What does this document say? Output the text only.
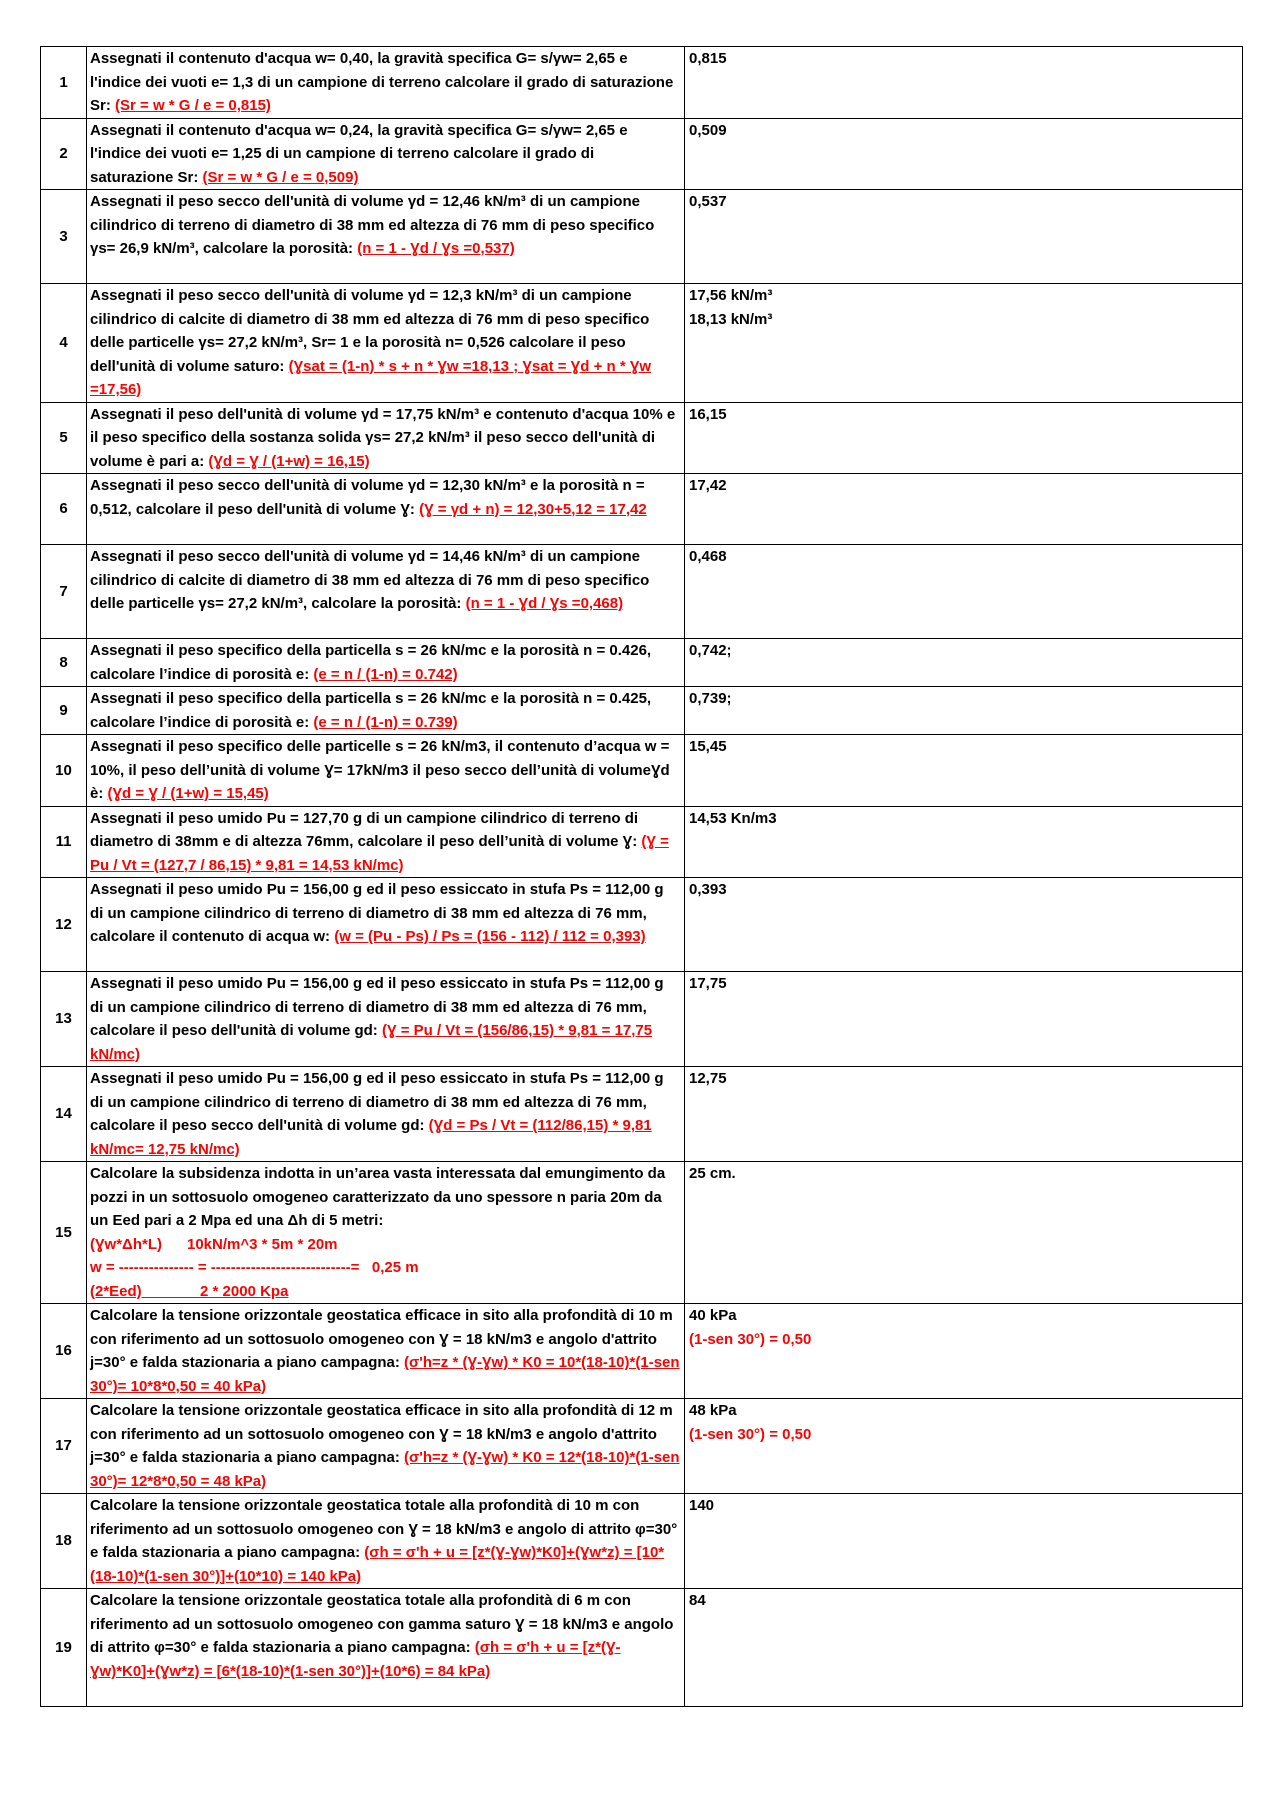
1	Assegnati il contenuto d'acqua w= 0,40, la gravità specifica G= s/γw= 2,65 e l'indice dei vuoti e= 1,3 di un campione di terreno calcolare il grado di saturazione Sr: (Sr = w * G / e = 0,815)	0,815

2	Assegnati il contenuto d'acqua w= 0,24, la gravità specifica G= s/γw= 2,65 e l'indice dei vuoti e= 1,25 di un campione di terreno calcolare il grado di saturazione Sr: (Sr = w * G / e = 0,509)	0,509

3	Assegnati il peso secco dell'unità di volume γd = 12,46 kN/m³ di un campione cilindrico di terreno di diametro di 38 mm ed altezza di 76 mm di peso specifico γs= 26,9 kN/m³, calcolare la porosità: (n = 1 - Ɣd / Ɣs =0,537)	0,537

4	Assegnati il peso secco dell'unità di volume γd = 12,3 kN/m³ di un campione cilindrico di calcite di diametro di 38 mm ed altezza di 76 mm di peso specifico delle particelle γs= 27,2 kN/m³, Sr= 1 e la porosità n= 0,526 calcolare il peso dell'unità di volume saturo: (Ɣsat = (1-n) * s + n * Ɣw =18,13 ; Ɣsat = Ɣd + n * Ɣw =17,56)	17,56 kN/m³
18,13 kN/m³

5	Assegnati il peso dell'unità di volume γd = 17,75 kN/m³ e contenuto d'acqua 10% e il peso specifico della sostanza solida γs= 27,2 kN/m³ il peso secco dell'unità di volume è pari a: (Ɣd = Ɣ / (1+w) = 16,15)	16,15

6	Assegnati il peso secco dell'unità di volume γd = 12,30 kN/m³ e la porosità n = 0,512, calcolare il peso dell'unità di volume Ɣ: (Ɣ = γd + n) = 12,30+5,12 = 17,42	17,42

7	Assegnati il peso secco dell'unità di volume γd = 14,46 kN/m³ di un campione cilindrico di calcite di diametro di 38 mm ed altezza di 76 mm di peso specifico delle particelle γs= 27,2 kN/m³, calcolare la porosità: (n = 1 - Ɣd / Ɣs =0,468)	0,468

8	Assegnati il peso specifico della particella s = 26 kN/mc e la porosità n = 0.426, calcolare l’indice di porosità e: (e = n / (1-n) = 0.742)	0,742;

9	Assegnati il peso specifico della particella s = 26 kN/mc e la porosità n = 0.425, calcolare l’indice di porosità e: (e = n / (1-n) = 0.739)	0,739;

10	Assegnati il peso specifico delle particelle s = 26 kN/m3, il contenuto d’acqua w = 10%, il peso dell’unità di volume Ɣ= 17kN/m3 il peso secco dell’unità di volumeƔd è: (Ɣd = Ɣ / (1+w) = 15,45)	15,45

11	Assegnati il peso umido Pu = 127,70 g di un campione cilindrico di terreno di diametro di 38mm e di altezza 76mm, calcolare il peso dell’unità di volume Ɣ: (Ɣ = Pu / Vt = (127,7 / 86,15) * 9,81 = 14,53 kN/mc)	14,53 Kn/m3

12	Assegnati il peso umido Pu = 156,00 g ed il peso essiccato in stufa Ps = 112,00 g di un campione cilindrico di terreno di diametro di 38 mm ed altezza di 76 mm, calcolare il contenuto di acqua w: (w = (Pu - Ps) / Ps = (156 - 112) / 112 = 0,393)	0,393

13	Assegnati il peso umido Pu = 156,00 g ed il peso essiccato in stufa Ps = 112,00 g di un campione cilindrico di terreno di diametro di 38 mm ed altezza di 76 mm, calcolare il peso dell'unità di volume gd: (Ɣ = Pu / Vt = (156/86,15) * 9,81 = 17,75 kN/mc)	17,75

14	Assegnati il peso umido Pu = 156,00 g ed il peso essiccato in stufa Ps = 112,00 g di un campione cilindrico di terreno di diametro di 38 mm ed altezza di 76 mm, calcolare il peso secco dell'unità di volume gd: (Ɣd = Ps / Vt = (112/86,15) * 9,81 kN/mc= 12,75 kN/mc)	12,75

15	Calcolare la subsidenza indotta in un’area vasta interessata dal emungimento da pozzi in un sottosuolo omogeneo caratterizzato da uno spessore n paria 20m da un Eed pari a 2 Mpa ed una Δh di 5 metri:
(Ɣw*Δh*L)      10kN/m^3 * 5m * 20m
w = --------------- = ----------------------------=   0,25 m
(2*Eed)              2 * 2000 Kpa	25 cm.

16	Calcolare la tensione orizzontale geostatica efficace in sito alla profondità di 10 m con riferimento ad un sottosuolo omogeneo con Ɣ = 18 kN/m3 e angolo d'attrito j=30° e falda stazionaria a piano campagna: (σ'h=z * (Ɣ-Ɣw) * K0 = 10*(18-10)*(1-sen 30°)= 10*8*0,50 = 40 kPa)	40 kPa
(1-sen 30°) = 0,50

17	Calcolare la tensione orizzontale geostatica efficace in sito alla profondità di 12 m con riferimento ad un sottosuolo omogeneo con Ɣ = 18 kN/m3 e angolo d'attrito j=30° e falda stazionaria a piano campagna: (σ'h=z * (Ɣ-Ɣw) * K0 = 12*(18-10)*(1-sen 30°)= 12*8*0,50 = 48 kPa)	48 kPa
(1-sen 30°) = 0,50

18	Calcolare la tensione orizzontale geostatica totale alla profondità di 10 m con riferimento ad un sottosuolo omogeneo con Ɣ = 18 kN/m3 e angolo di attrito φ=30° e falda stazionaria a piano campagna: (σh = σ'h + u = [z*(Ɣ-Ɣw)*K0]+(Ɣw*z) = [10*(18-10)*(1-sen 30°)]+(10*10) = 140 kPa)	140

19	Calcolare la tensione orizzontale geostatica totale alla profondità di 6 m con riferimento ad un sottosuolo omogeneo con gamma saturo Ɣ = 18 kN/m3 e angolo di attrito φ=30° e falda stazionaria a piano campagna: (σh = σ'h + u = [z*(Ɣ-Ɣw)*K0]+(Ɣw*z) = [6*(18-10)*(1-sen 30°)]+(10*6) = 84 kPa)	84
